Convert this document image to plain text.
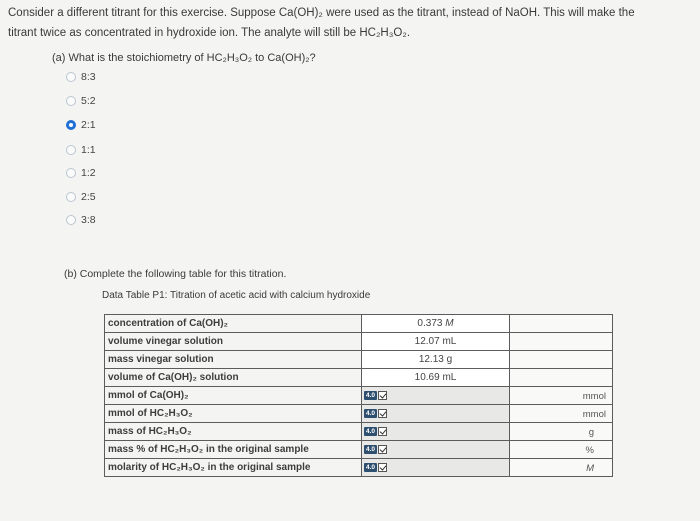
Consider a different titrant for this exercise. Suppose Ca(OH)₂ were used as the titrant, instead of NaOH. This will make the
titrant twice as concentrated in hydroxide ion. The analyte will still be HC₂H₃O₂.
(a) What is the stoichiometry of HC₂H₃O₂ to Ca(OH)₂?
8:3
5:2
2:1
1:1
1:2
2:5
3:8
(b) Complete the following table for this titration.
Data Table P1: Titration of acetic acid with calcium hydroxide
concentration of Ca(OH)₂	0.373 M	
volume vinegar solution	12.07 mL	
mass vinegar solution	12.13 g	
volume of Ca(OH)₂ solution	10.69 mL	
mmol of Ca(OH)₂	4.0	mmol

mmol of HC₂H₃O₂	4.0	mmol

mass of HC₂H₃O₂	4.0	g

mass % of HC₂H₃O₂ in the original sample	4.0	%

molarity of HC₂H₃O₂ in the original sample	4.0	M
